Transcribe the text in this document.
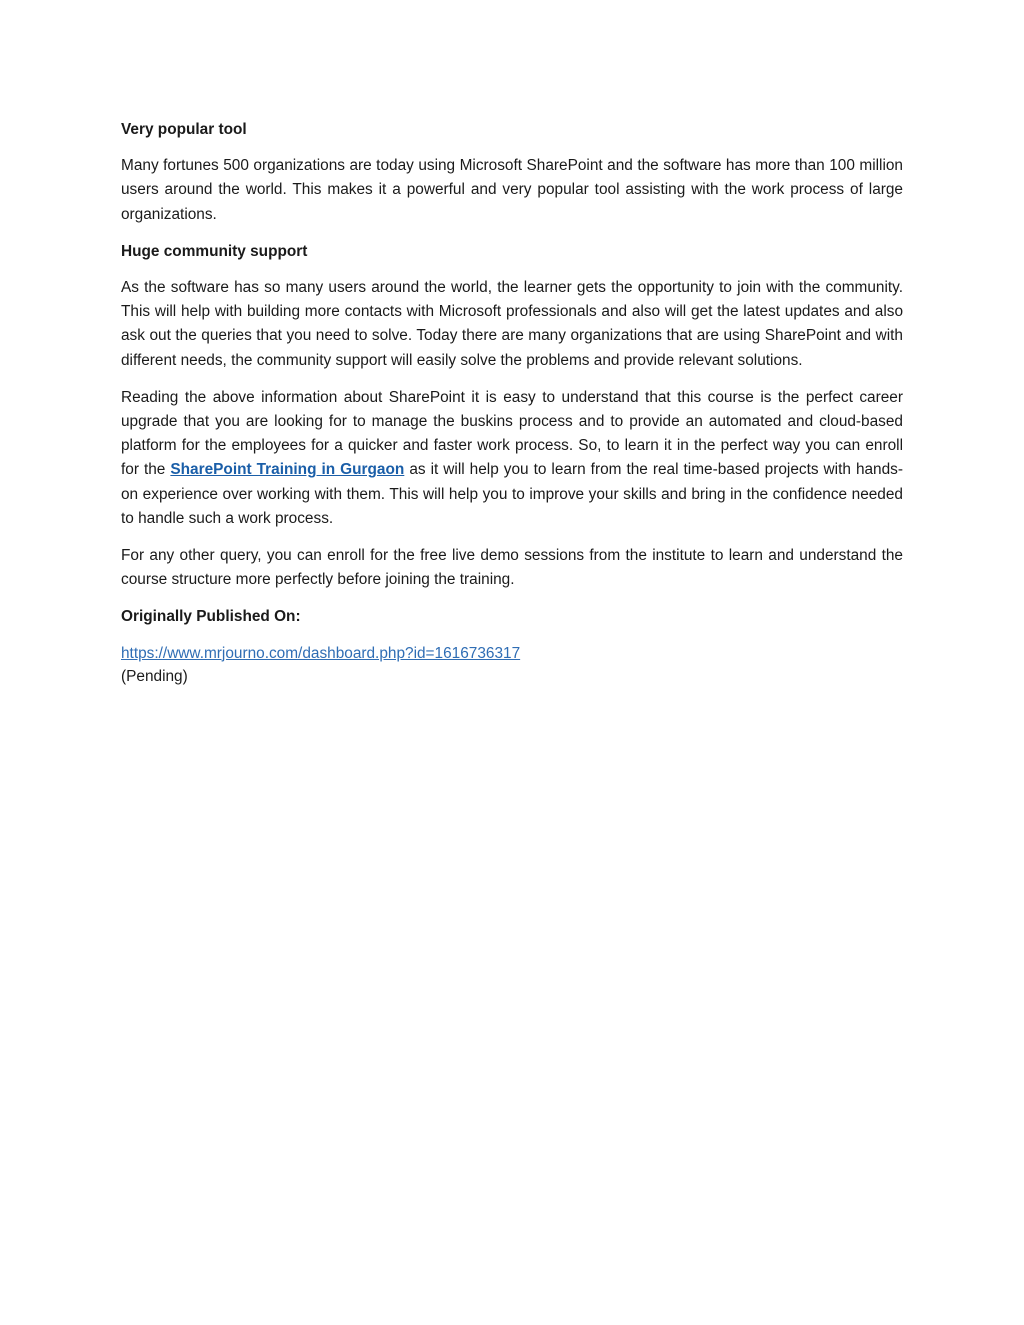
Very popular tool

Many fortunes 500 organizations are today using Microsoft SharePoint and the software has more than 100 million users around the world. This makes it a powerful and very popular tool assisting with the work process of large organizations.

Huge community support

As the software has so many users around the world, the learner gets the opportunity to join with the community. This will help with building more contacts with Microsoft professionals and also will get the latest updates and also ask out the queries that you need to solve. Today there are many organizations that are using SharePoint and with different needs, the community support will easily solve the problems and provide relevant solutions.

Reading the above information about SharePoint it is easy to understand that this course is the perfect career upgrade that you are looking for to manage the buskins process and to provide an automated and cloud-based platform for the employees for a quicker and faster work process. So, to learn it in the perfect way you can enroll for the SharePoint Training in Gurgaon as it will help you to learn from the real time-based projects with hands-on experience over working with them. This will help you to improve your skills and bring in the confidence needed to handle such a work process.

For any other query, you can enroll for the free live demo sessions from the institute to learn and understand the course structure more perfectly before joining the training.

Originally Published On:

https://www.mrjourno.com/dashboard.php?id=1616736317
(Pending)
